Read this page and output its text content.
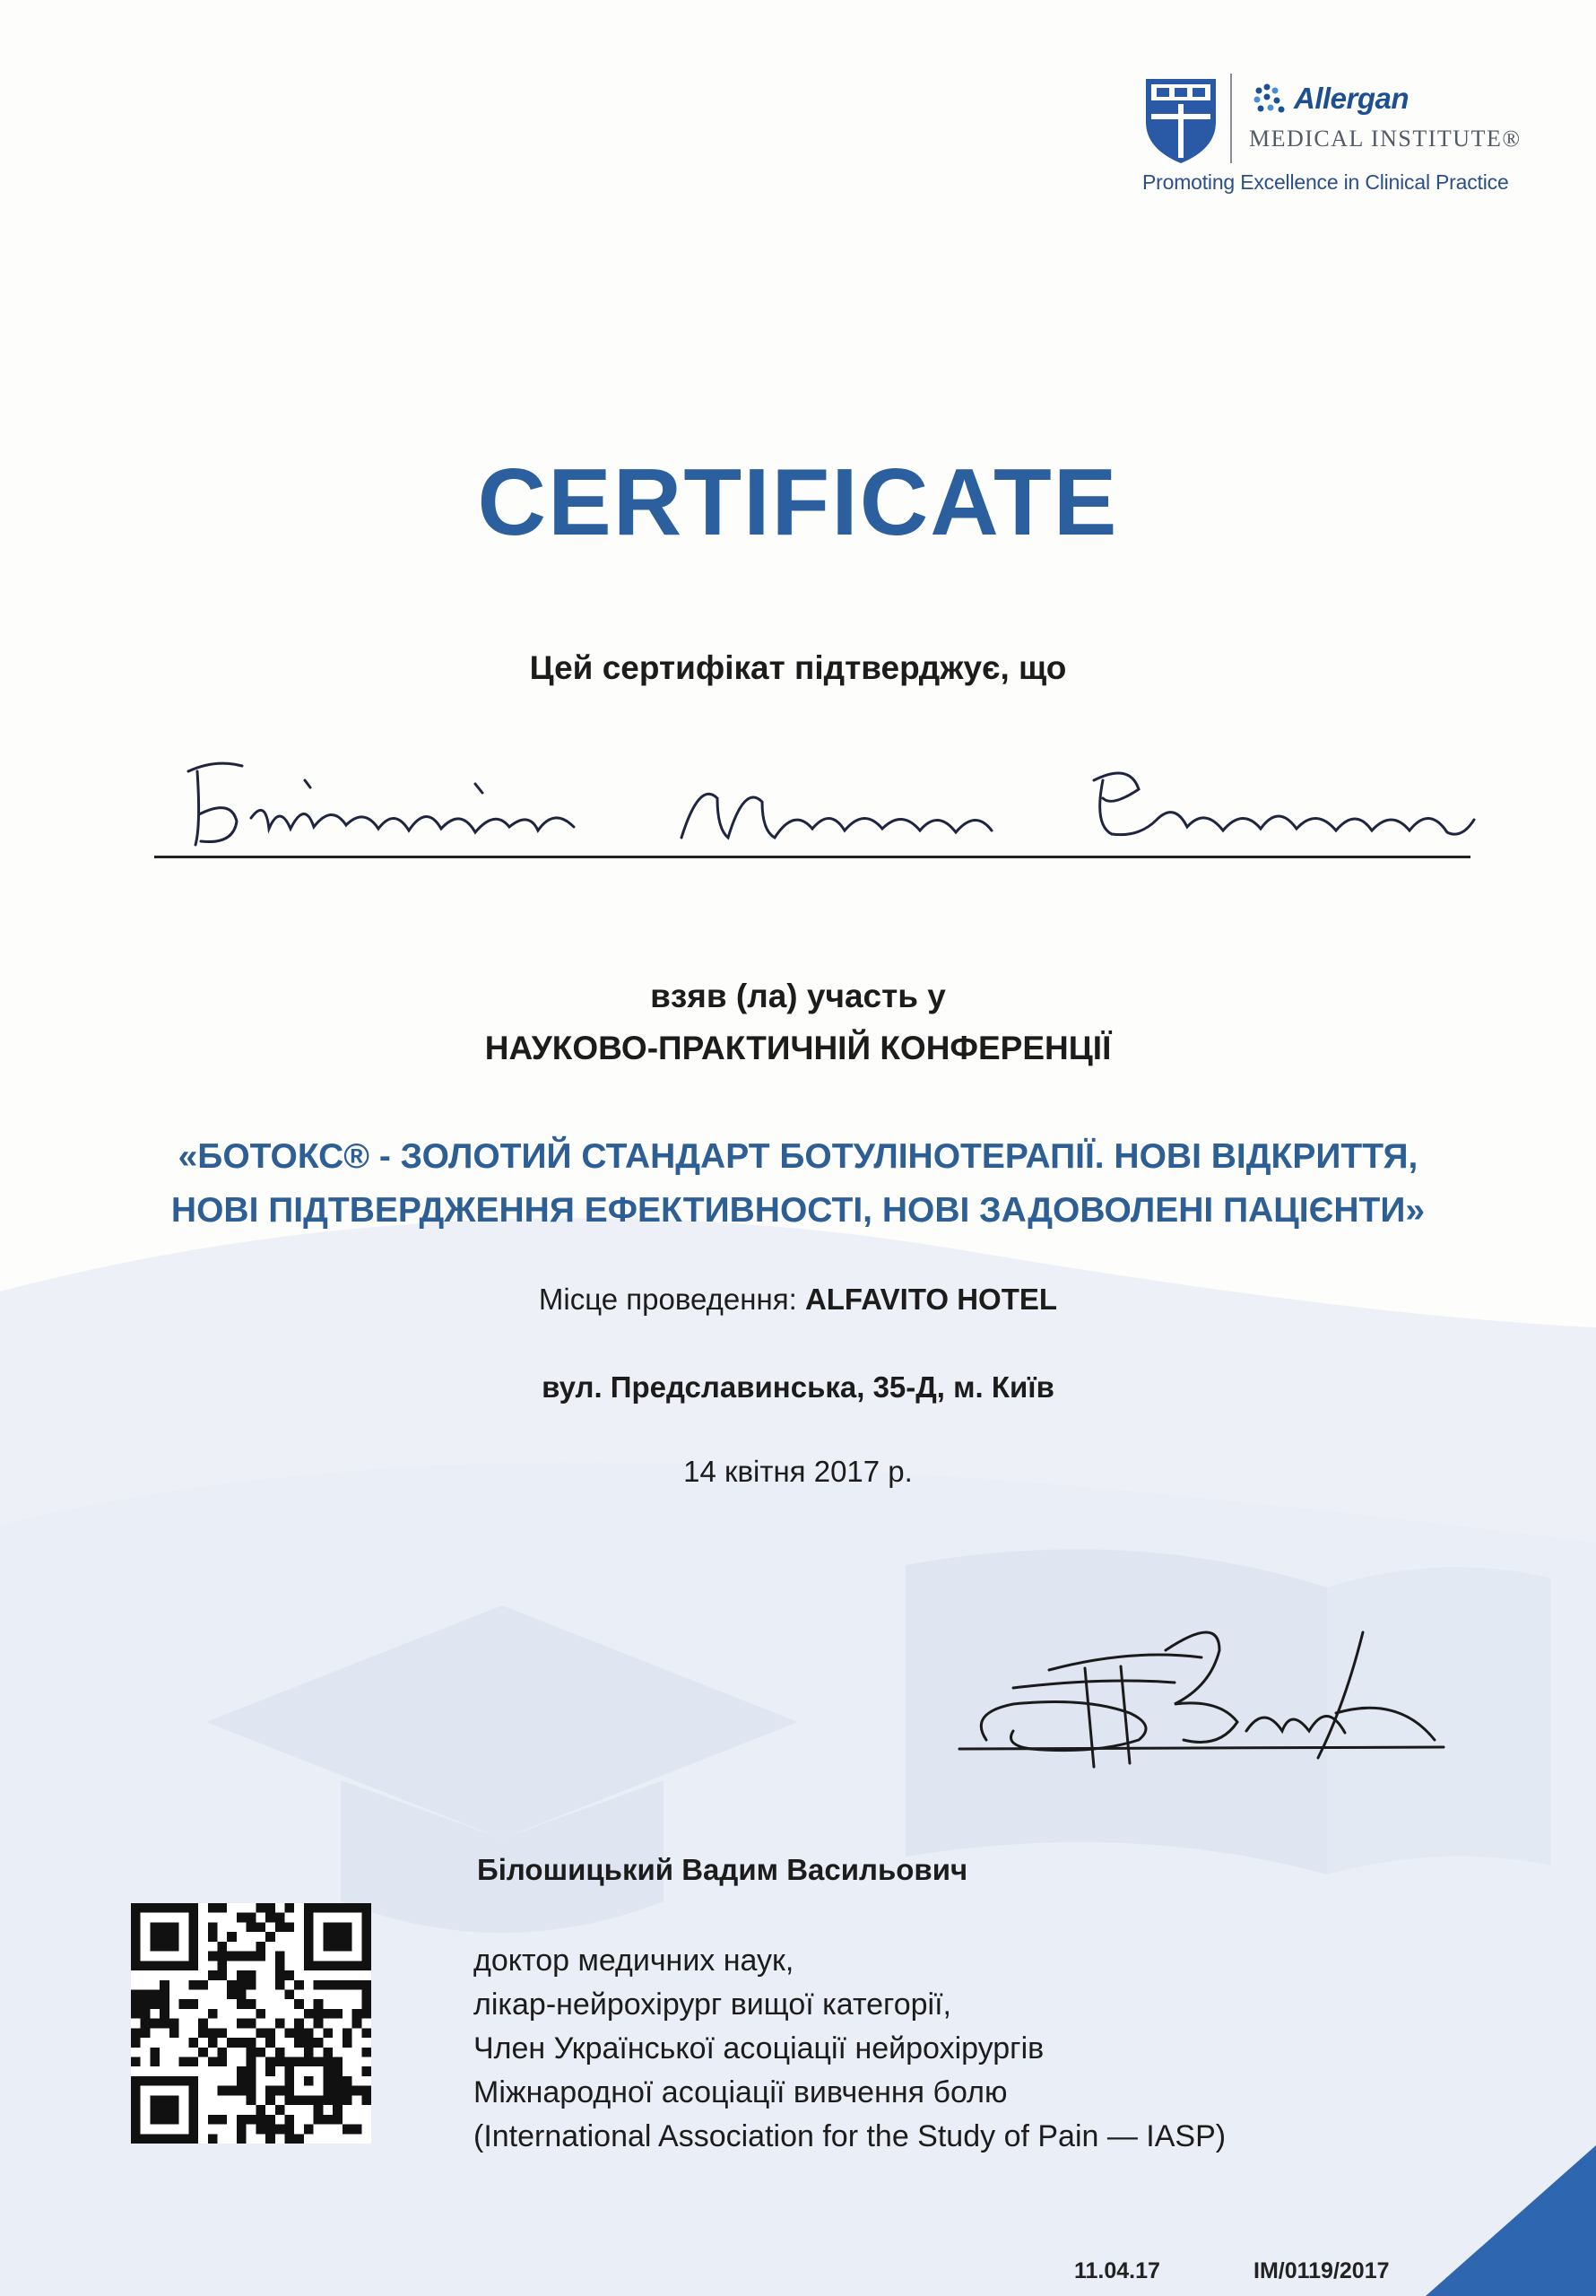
Allergan
MEDICAL INSTITUTE®
Promoting Excellence in Clinical Practice
CERTIFICATE
Цей сертифікат підтверджує, що
взяв (ла) участь у
НАУКОВО-ПРАКТИЧНІЙ КОНФЕРЕНЦІЇ
«БОТОКС® - ЗОЛОТИЙ СТАНДАРТ БОТУЛІНОТЕРАПІЇ. НОВІ ВІДКРИТТЯ,
НОВІ ПІДТВЕРДЖЕННЯ ЕФЕКТИВНОСТІ, НОВІ ЗАДОВОЛЕНІ ПАЦІЄНТИ»
Місце проведення: ALFAVITO HOTEL
вул. Предславинська, 35-Д, м. Київ
14 квітня 2017 р.
Білошицький Вадим Васильович
доктор медичних наук,
лікар-нейрохірург вищої категорії,
Член Української асоціації нейрохірургів
Міжнародної асоціації вивчення болю
(International Association for the Study of Pain — IASP)
11.04.17	IM/0119/2017
